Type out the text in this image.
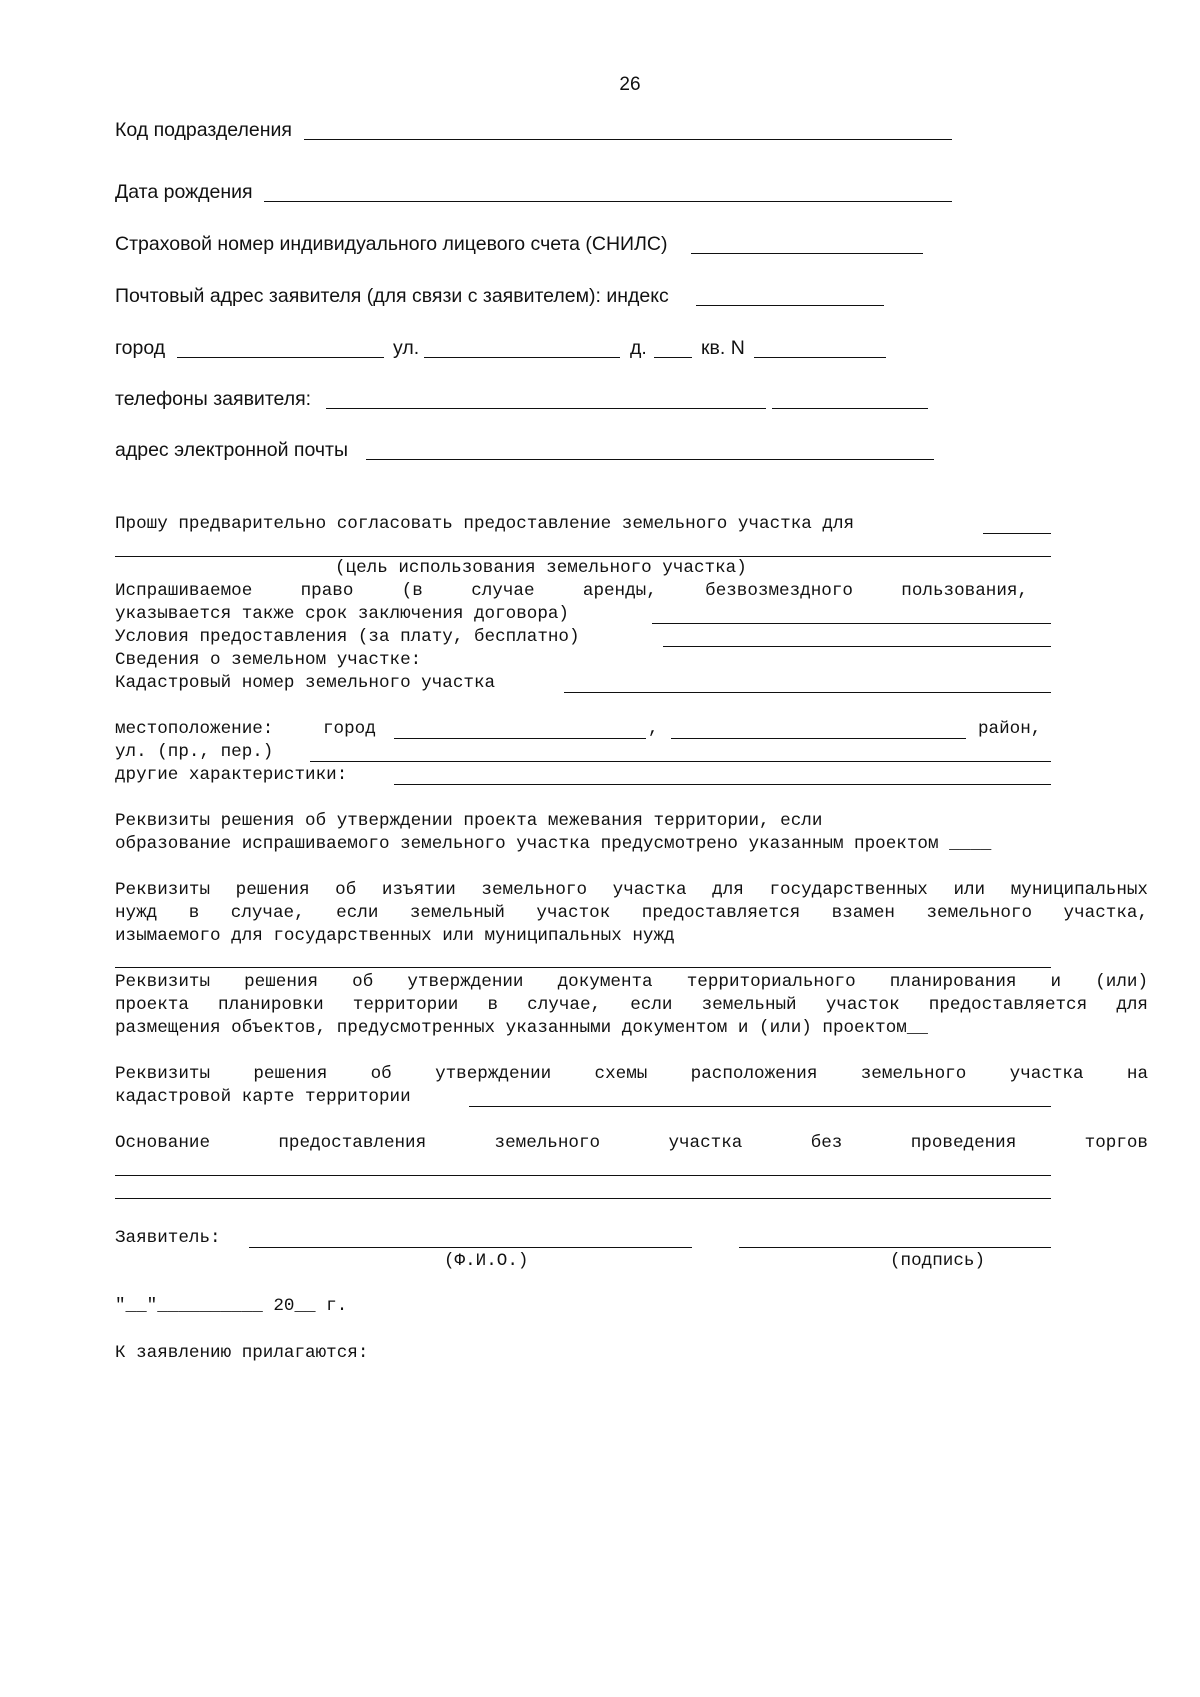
26
Код подразделения
Дата рождения
Страховой номер индивидуального лицевого счета (СНИЛС)
Почтовый адрес заявителя (для связи с заявителем): индекс
город	ул.	д.	кв. N
телефоны заявителя:
адрес электронной почты
Прошу предварительно согласовать предоставление земельного участка для
(цель использования земельного участка)
Испрашиваемое право (в случае аренды, безвозмездного пользования,
указывается также срок заключения договора)
Условия предоставления (за плату, бесплатно)
Сведения о земельном участке:
Кадастровый номер земельного участка
местоположение:	город	,	район,
ул. (пр., пер.)
другие характеристики:
Реквизиты решения об утверждении проекта межевания территории, если
образование испрашиваемого земельного участка предусмотрено указанным проектом ____
Реквизиты решения об изъятии земельного участка для государственных или муниципальных
нужд в случае, если земельный участок предоставляется взамен земельного участка,
изымаемого для государственных или муниципальных нужд
Реквизиты решения об утверждении документа территориального планирования и (или)
проекта планировки территории в случае, если земельный участок предоставляется для
размещения объектов, предусмотренных указанными документом и (или) проектом__
Реквизиты решения об утверждении схемы расположения земельного участка на
кадастровой карте территории
Основание предоставления земельного участка без проведения торгов
Заявитель:
(Ф.И.О.)	(подпись)
"__"__________ 20__ г.
К заявлению прилагаются:
